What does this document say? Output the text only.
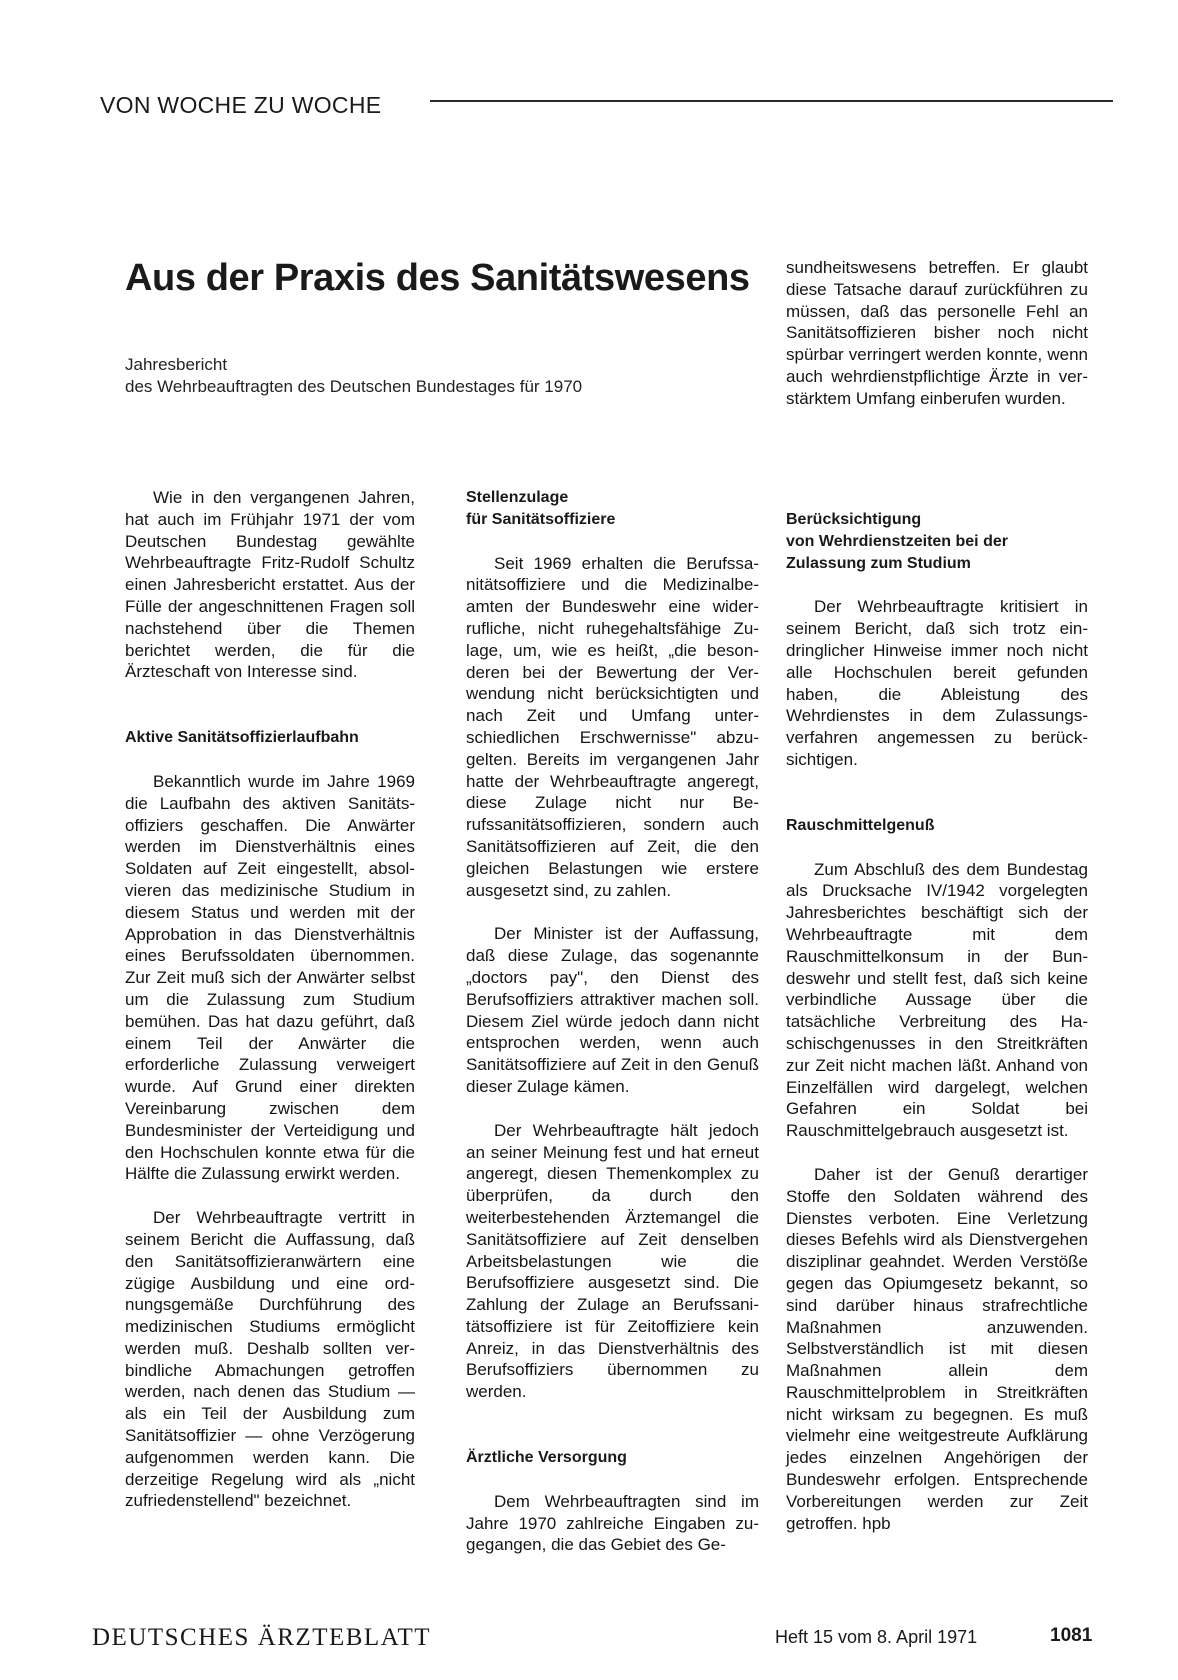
VON WOCHE ZU WOCHE
Aus der Praxis des Sanitätswesens
Jahresbericht
des Wehrbeauftragten des Deutschen Bundestages für 1970

sundheitswesens betreffen. Er glaubt diese Tatsache darauf zurückführen zu müssen, daß das personelle Fehl an Sanitätsoffizieren bisher noch nicht spürbar verringert werden konnte, wenn auch wehrdienstpflichtige Ärzte in verstärktem Umfang einberufen wurden.

Wie in den vergangenen Jahren, hat auch im Frühjahr 1971 der vom Deutschen Bundestag gewählte Wehrbeauftragte Fritz-Rudolf Schultz einen Jahresbericht erstattet. Aus der Fülle der angeschnittenen Fragen soll nachstehend über die Themen berichtet werden, die für die Ärzteschaft von Interesse sind.

Aktive Sanitätsoffizierlaufbahn

Bekanntlich wurde im Jahre 1969 die Laufbahn des aktiven Sanitätsoffiziers geschaffen. Die Anwärter werden im Dienstverhältnis eines Soldaten auf Zeit eingestellt, absolvieren das medizinische Studium in diesem Status und werden mit der Approbation in das Dienstverhältnis eines Berufssoldaten übernommen. Zur Zeit muß sich der Anwärter selbst um die Zulassung zum Studium bemühen. Das hat dazu geführt, daß einem Teil der Anwärter die erforderliche Zulassung verweigert wurde. Auf Grund einer direkten Vereinbarung zwischen dem Bundesminister der Verteidigung und den Hochschulen konnte etwa für die Hälfte die Zulassung erwirkt werden.

Der Wehrbeauftragte vertritt in seinem Bericht die Auffassung, daß den Sanitätsoffizieranwärtern eine zügige Ausbildung und eine ordnungsgemäße Durchführung des medizinischen Studiums ermöglicht werden muß. Deshalb sollten verbindliche Abmachungen getroffen werden, nach denen das Studium — als ein Teil der Ausbildung zum Sanitätsoffizier — ohne Verzögerung aufgenommen werden kann. Die derzeitige Regelung wird als „nicht zufriedenstellend" bezeichnet.

Stellenzulage
für Sanitätsoffiziere

Seit 1969 erhalten die Berufssanitätsoffiziere und die Medizinalbeamten der Bundeswehr eine widerrufliche, nicht ruhegehaltsfähige Zulage, um, wie es heißt, „die besonderen bei der Bewertung der Verwendung nicht berücksichtigten und nach Zeit und Umfang unterschiedlichen Erschwernisse" abzugelten. Bereits im vergangenen Jahr hatte der Wehrbeauftragte angeregt, diese Zulage nicht nur Berufssanitätsoffizieren, sondern auch Sanitätsoffizieren auf Zeit, die den gleichen Belastungen wie erstere ausgesetzt sind, zu zahlen.

Der Minister ist der Auffassung, daß diese Zulage, das sogenannte „doctors pay", den Dienst des Berufsoffiziers attraktiver machen soll. Diesem Ziel würde jedoch dann nicht entsprochen werden, wenn auch Sanitätsoffiziere auf Zeit in den Genuß dieser Zulage kämen.

Der Wehrbeauftragte hält jedoch an seiner Meinung fest und hat erneut angeregt, diesen Themenkomplex zu überprüfen, da durch den weiterbestehenden Ärztemangel die Sanitätsoffiziere auf Zeit denselben Arbeitsbelastungen wie die Berufsoffiziere ausgesetzt sind. Die Zahlung der Zulage an Berufssanitätsoffiziere ist für Zeitoffiziere kein Anreiz, in das Dienstverhältnis des Berufsoffiziers übernommen zu werden.

Ärztliche Versorgung

Dem Wehrbeauftragten sind im Jahre 1970 zahlreiche Eingaben zugegangen, die das Gebiet des Ge-

Berücksichtigung
von Wehrdienstzeiten bei der
Zulassung zum Studium

Der Wehrbeauftragte kritisiert in seinem Bericht, daß sich trotz eindringlicher Hinweise immer noch nicht alle Hochschulen bereit gefunden haben, die Ableistung des Wehrdienstes in dem Zulassungsverfahren angemessen zu berücksichtigen.

Rauschmittelgenuß

Zum Abschluß des dem Bundestag als Drucksache IV/1942 vorgelegten Jahresberichtes beschäftigt sich der Wehrbeauftragte mit dem Rauschmittelkonsum in der Bundeswehr und stellt fest, daß sich keine verbindliche Aussage über die tatsächliche Verbreitung des Haschischgenusses in den Streitkräften zur Zeit nicht machen läßt. Anhand von Einzelfällen wird dargelegt, welchen Gefahren ein Soldat bei Rauschmittelgebrauch ausgesetzt ist.

Daher ist der Genuß derartiger Stoffe den Soldaten während des Dienstes verboten. Eine Verletzung dieses Befehls wird als Dienstvergehen disziplinar geahndet. Werden Verstöße gegen das Opiumgesetz bekannt, so sind darüber hinaus strafrechtliche Maßnahmen anzuwenden. Selbstverständlich ist mit diesen Maßnahmen allein dem Rauschmittelproblem in Streitkräften nicht wirksam zu begegnen. Es muß vielmehr eine weitgestreute Aufklärung jedes einzelnen Angehörigen der Bundeswehr erfolgen. Entsprechende Vorbereitungen werden zur Zeit getroffen. hpb

DEUTSCHES ÄRZTEBLATT	Heft 15 vom 8. April 1971	1081
